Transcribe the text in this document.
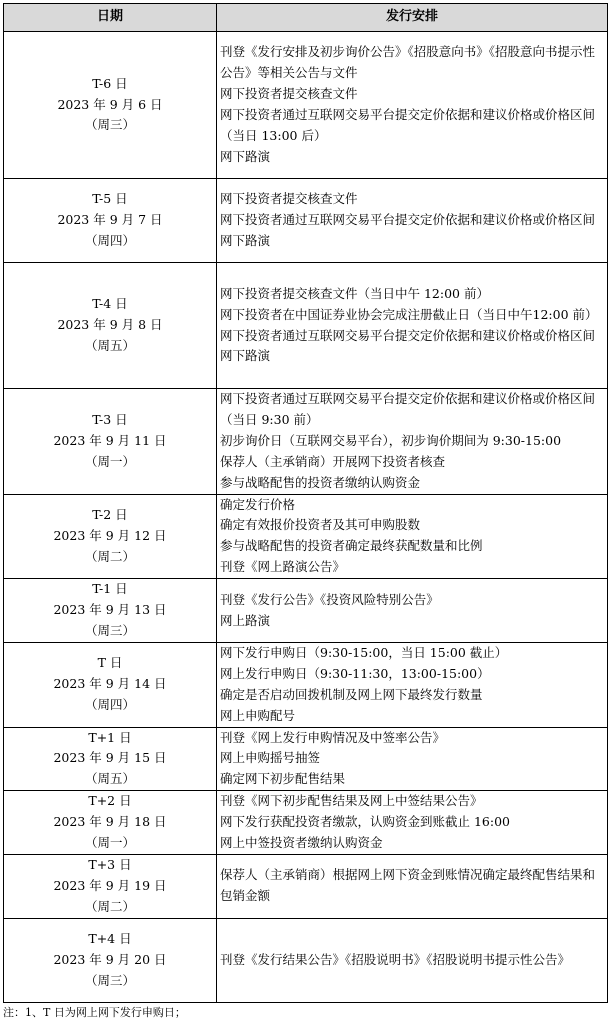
日期	发行安排

T-6 日
2023 年 9 月 6 日
（周三）	刊登《发行安排及初步询价公告》《招股意向书》《招股意向书提示性公告》等相关公告与文件
网下投资者提交核查文件
网下投资者通过互联网交易平台提交定价依据和建议价格或价格区间（当日 13:00 后）
网下路演

T-5 日
2023 年 9 月 7 日
（周四）	网下投资者提交核查文件
网下投资者通过互联网交易平台提交定价依据和建议价格或价格区间
网下路演

T-4 日
2023 年 9 月 8 日
（周五）	网下投资者提交核查文件（当日中午 12:00 前）
网下投资者在中国证券业协会完成注册截止日（当日中午12:00 前）
网下投资者通过互联网交易平台提交定价依据和建议价格或价格区间
网下路演

T-3 日
2023 年 9 月 11 日
（周一）	网下投资者通过互联网交易平台提交定价依据和建议价格或价格区间（当日 9:30 前）
初步询价日（互联网交易平台），初步询价期间为 9:30-15:00
保荐人（主承销商）开展网下投资者核查
参与战略配售的投资者缴纳认购资金

T-2 日
2023 年 9 月 12 日
（周二）	确定发行价格
确定有效报价投资者及其可申购股数
参与战略配售的投资者确定最终获配数量和比例
刊登《网上路演公告》

T-1 日
2023 年 9 月 13 日
（周三）	刊登《发行公告》《投资风险特别公告》
网上路演

T 日
2023 年 9 月 14 日
（周四）	网下发行申购日（9:30-15:00，当日 15:00 截止）
网上发行申购日（9:30-11:30，13:00-15:00）
确定是否启动回拨机制及网上网下最终发行数量
网上申购配号

T+1 日
2023 年 9 月 15 日
（周五）	刊登《网上发行申购情况及中签率公告》
网上申购摇号抽签
确定网下初步配售结果

T+2 日
2023 年 9 月 18 日
（周一）	刊登《网下初步配售结果及网上中签结果公告》
网下发行获配投资者缴款，认购资金到账截止 16:00
网上中签投资者缴纳认购资金

T+3 日
2023 年 9 月 19 日
（周二）	保荐人（主承销商）根据网上网下资金到账情况确定最终配售结果和包销金额

T+4 日
2023 年 9 月 20 日
（周三）	刊登《发行结果公告》《招股说明书》《招股说明书提示性公告》
注：1、T 日为网上网下发行申购日；
